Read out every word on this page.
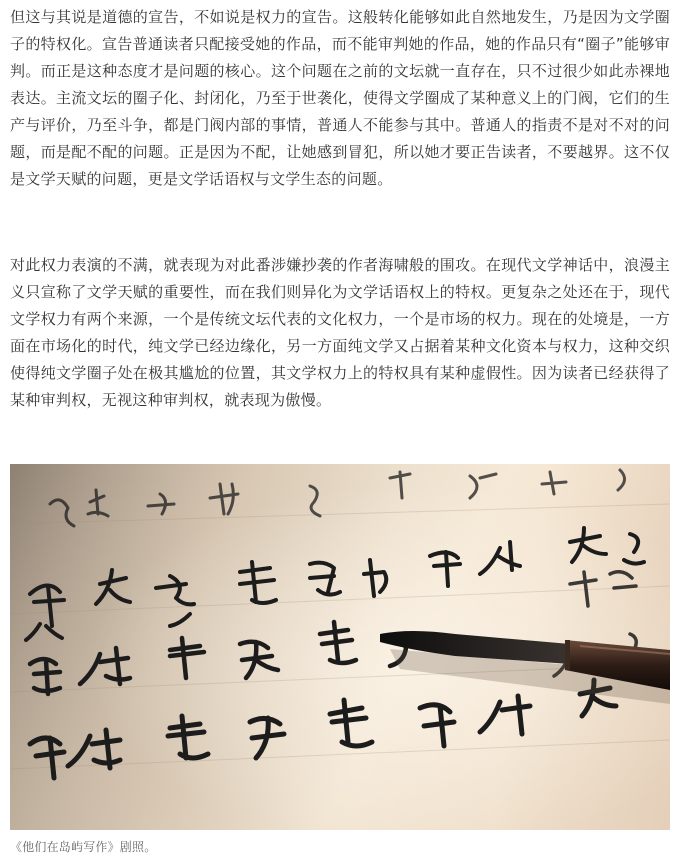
但这与其说是道德的宣告，不如说是权力的宣告。这般转化能够如此自然地发生，乃是因为文学圈子的特权化。宣告普通读者只配接受她的作品，而不能审判她的作品，她的作品只有“圈子”能够审判。而正是这种态度才是问题的核心。这个问题在之前的文坛就一直存在，只不过很少如此赤裸地表达。主流文坛的圈子化、封闭化，乃至于世袭化，使得文学圈成了某种意义上的门阀，它们的生产与评价，乃至斗争，都是门阀内部的事情，普通人不能参与其中。普通人的指责不是对不对的问题，而是配不配的问题。正是因为不配，让她感到冒犯，所以她才要正告读者，不要越界。这不仅是文学天赋的问题，更是文学话语权与文学生态的问题。

对此权力表演的不满，就表现为对此番涉嫌抄袭的作者海啸般的围攻。在现代文学神话中，浪漫主义只宣称了文学天赋的重要性，而在我们则异化为文学话语权上的特权。更复杂之处还在于，现代文学权力有两个来源，一个是传统文坛代表的文化权力，一个是市场的权力。现在的处境是，一方面在市场化的时代，纯文学已经边缘化，另一方面纯文学又占据着某种文化资本与权力，这种交织使得纯文学圈子处在极其尴尬的位置，其文学权力上的特权具有某种虚假性。因为读者已经获得了某种审判权，无视这种审判权，就表现为傲慢。

《他们在岛屿写作》剧照。
